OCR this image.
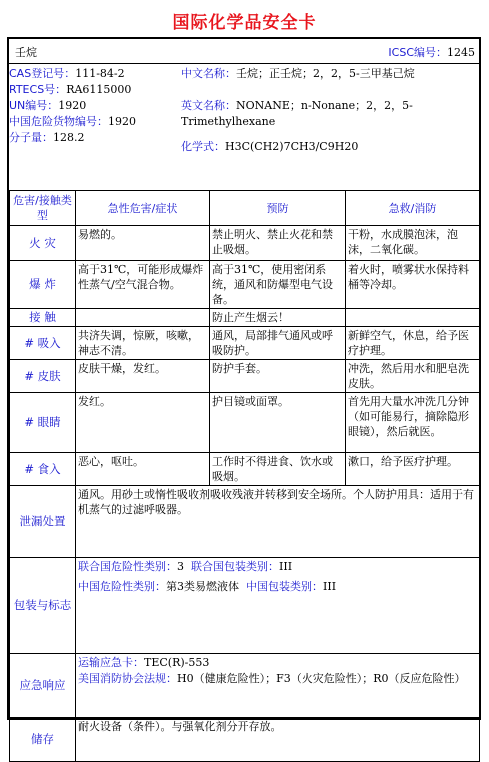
国际化学品安全卡
壬烷	ICSC编号：1245
CAS登记号：111-84-2
RTECS号：RA6115000
UN编号：1920
中国危险货物编号：1920
分子量：128.2
中文名称：壬烷；正壬烷；2，2，5-三甲基己烷
英文名称：NONANE；n-Nonane；2，2，5-Trimethylhexane
化学式：H3C(CH2)7CH3/C9H20
危害/接触类型	急性危害/症状	预防	急救/消防
火 灾	易燃的。	禁止明火、禁止火花和禁止吸烟。	干粉，水成膜泡沫，泡沫，二氧化碳。
爆 炸	高于31℃，可能形成爆炸性蒸气/空气混合物。	高于31℃，使用密闭系统，通风和防爆型电气设备。	着火时，喷雾状水保持料桶等冷却。
接 触		防止产生烟云！	
# 吸入	共济失调，惊厥，咳嗽，神志不清。	通风，局部排气通风或呼吸防护。	新鲜空气，休息，给予医疗护理。
# 皮肤	皮肤干燥，发红。	防护手套。	冲洗，然后用水和肥皂洗皮肤。
# 眼睛	发红。	护目镜或面罩。	首先用大量水冲洗几分钟（如可能易行，摘除隐形眼镜），然后就医。
# 食入	恶心，呕吐。	工作时不得进食、饮水或吸烟。	漱口，给予医疗护理。
泄漏处置	通风。用砂土或惰性吸收剂吸收残液并转移到安全场所。个人防护用具：适用于有机蒸气的过滤呼吸器。		
包装与标志	联合国危险性类别：3 联合国包装类别：III
中国危险性类别：第3类易燃液体 中国包装类别：III		

应急响应	运输应急卡：TEC(R)-553
美国消防协会法规：H0（健康危险性）；F3（火灾危险性）；R0（反应危险性）		

储存	耐火设备（条件）。与强氧化剂分开存放。		
